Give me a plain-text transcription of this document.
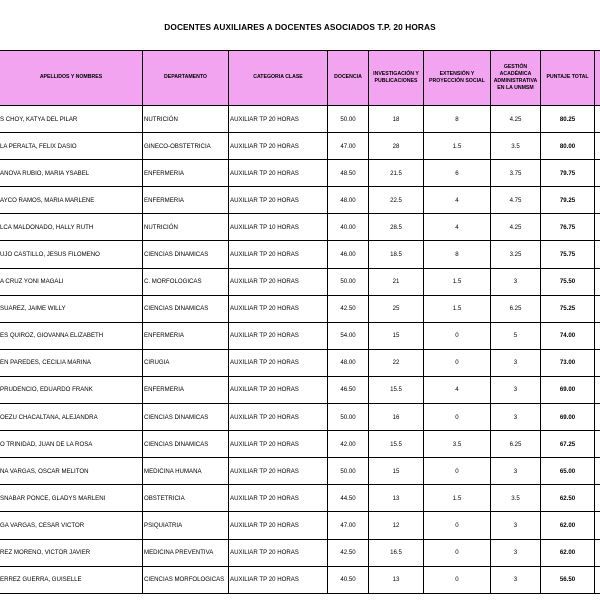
DOCENTES AUXILIARES A DOCENTES ASOCIADOS T.P. 20 HORAS
APELLIDOS Y NOMBRES	DEPARTAMENTO	CATEGORIA CLASE	DOCENCIA	INVESTIGACIÓN Y PUBLICACIONES	EXTENSIÓN Y PROYECCIÓN SOCIAL	GESTIÓN ACADÉMICA ADMINISTRATIVA EN LA UNMSM	PUNTAJE TOTAL	
S CHOY, KATYA DEL PILAR	NUTRICIÓN	AUXILIAR TP 20 HORAS	50.00	18	8	4.25	80.25	
LA PERALTA, FELIX DASIO	GINECO-OBSTETRICIA	AUXILIAR TP 20 HORAS	47.00	28	1.5	3.5	80.00	
ANOVA RUBIO, MARIA YSABEL	ENFERMERIA	AUXILIAR TP 20 HORAS	48.50	21.5	6	3.75	79.75	
AYCO RAMOS, MARIA MARLENE	ENFERMERIA	AUXILIAR TP 20 HORAS	48.00	22.5	4	4.75	79.25	
LCA MALDONADO, HALLY RUTH	NUTRICIÓN	AUXILIAR TP 10 HORAS	40.00	28.5	4	4.25	76.75	
UJO CASTILLO, JESUS FILOMENO	CIENCIAS DINAMICAS	AUXILIAR TP 20 HORAS	46.00	18.5	8	3.25	75.75	
A CRUZ YONI MAGALI	C. MORFOLOGICAS	AUXILIAR TP 20 HORAS	50.00	21	1.5	3	75.50	
SUAREZ, JAIME WILLY	CIENCIAS DINAMICAS	AUXILIAR TP 20 HORAS	42.50	25	1.5	6.25	75.25	
ES QUIROZ, GIOVANNA ELIZABETH	ENFERMERIA	AUXILIAR TP 20 HORAS	54.00	15	0	5	74.00	
EN PAREDES, CECILIA MARINA	CIRUGIA	AUXILIAR TP 20 HORAS	48.00	22	0	3	73.00	
PRUDENCIO, EDUARDO FRANK	ENFERMERIA	AUXILIAR TP 20 HORAS	46.50	15.5	4	3	69.00	
OEZU CHACALTANA, ALEJANDRA	CIENCIAS DINAMICAS	AUXILIAR TP 20 HORAS	50.00	16	0	3	69.00	
O TRINIDAD, JUAN DE LA ROSA	CIENCIAS DINAMICAS	AUXILIAR TP 20 HORAS	42.00	15.5	3.5	6.25	67.25	
NA VARGAS, OSCAR MELITON	MEDICINA HUMANA	AUXILIAR TP 20 HORAS	50.00	15	0	3	65.00	
SNABAR PONCE, GLADYS MARLENI	OBSTETRICIA	AUXILIAR TP 20 HORAS	44.50	13	1.5	3.5	62.50	
GA VARGAS, CESAR VICTOR	PSIQUIATRIA	AUXILIAR TP 20 HORAS	47.00	12	0	3	62.00	
REZ MORENO, VICTOR JAVIER	MEDICINA PREVENTIVA	AUXILIAR TP 20 HORAS	42.50	16.5	0	3	62.00	
ERREZ GUERRA, GUISELLE	CIENCIAS MORFOLOGICAS	AUXILIAR TP 20 HORAS	40.50	13	0	3	56.50	
